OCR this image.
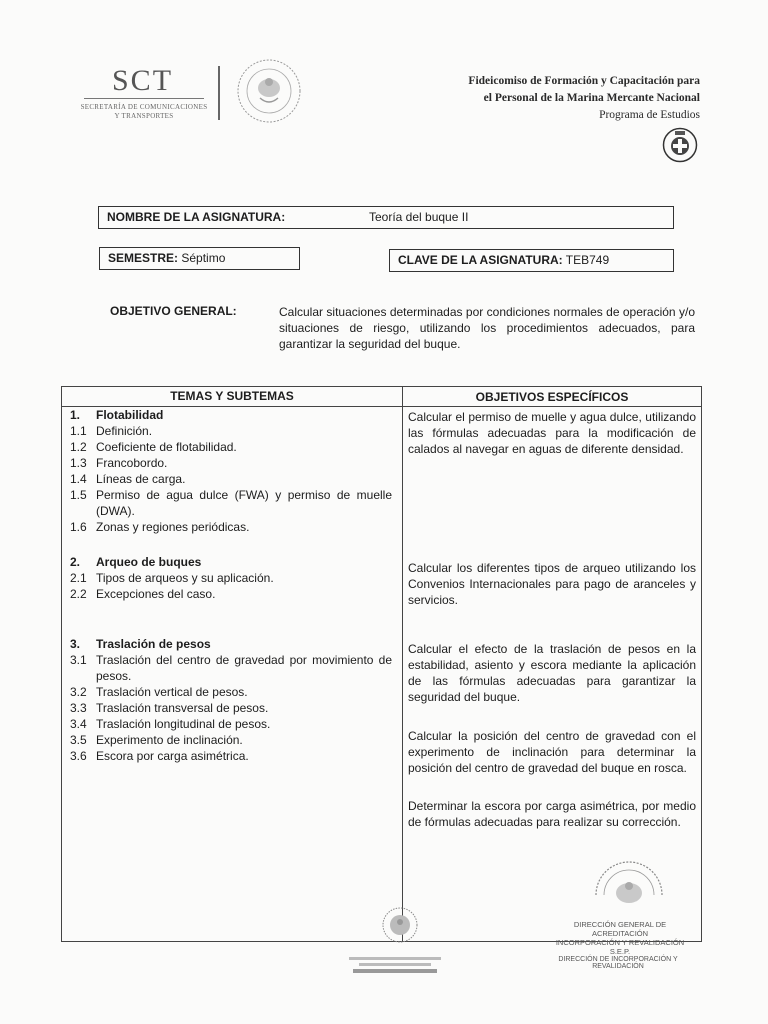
SCT
SECRETARÍA DE COMUNICACIONES
Y TRANSPORTES
Fideicomiso de Formación y Capacitación para
el Personal de la Marina Mercante Nacional
Programa de Estudios
NOMBRE DE LA ASIGNATURA:	Teoría del buque II
SEMESTRE: Séptimo	CLAVE DE LA ASIGNATURA: TEB749
OBJETIVO GENERAL:	Calcular situaciones determinadas por condiciones normales de operación y/o situaciones de riesgo, utilizando los procedimientos adecuados, para garantizar la seguridad del buque.
TEMAS Y SUBTEMAS	OBJETIVOS ESPECÍFICOS
1. Flotabilidad
1.1 Definición.
1.2 Coeficiente de flotabilidad.
1.3 Francobordo.
1.4 Líneas de carga.
1.5 Permiso de agua dulce (FWA) y permiso de muelle (DWA).
1.6 Zonas y regiones periódicas.
Calcular el permiso de muelle y agua dulce, utilizando las fórmulas adecuadas para la modificación de calados al navegar en aguas de diferente densidad.
2. Arqueo de buques
2.1 Tipos de arqueos y su aplicación.
2.2 Excepciones del caso.
Calcular los diferentes tipos de arqueo utilizando los Convenios Internacionales para pago de aranceles y servicios.
3. Traslación de pesos
3.1 Traslación del centro de gravedad por movimiento de pesos.
3.2 Traslación vertical de pesos.
3.3 Traslación transversal de pesos.
3.4 Traslación longitudinal de pesos.
3.5 Experimento de inclinación.
3.6 Escora por carga asimétrica.
Calcular el efecto de la traslación de pesos en la estabilidad, asiento y escora mediante la aplicación de las fórmulas adecuadas para garantizar la seguridad del buque.
Calcular la posición del centro de gravedad con el experimento de inclinación para determinar la posición del centro de gravedad del buque en rosca.
Determinar la escora por carga asimétrica, por medio de fórmulas adecuadas para realizar su corrección.
DIRECCIÓN GENERAL DE ACREDITACIÓN
INCORPORACIÓN Y REVALIDACIÓN
S.E.P.
DIRECCIÓN DE INCORPORACIÓN Y REVALIDACIÓN
